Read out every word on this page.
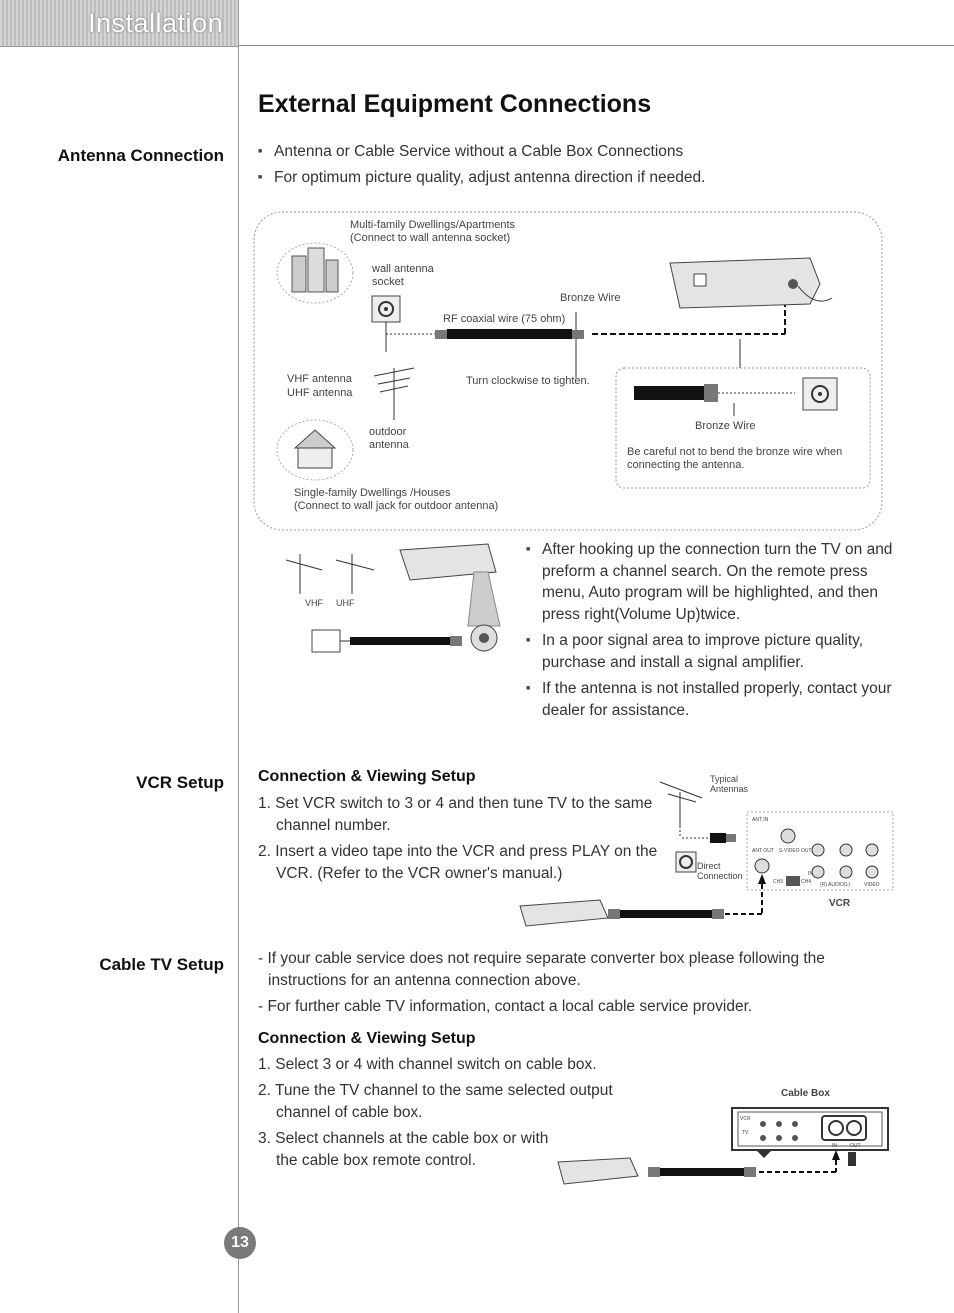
Installation
External Equipment Connections
Antenna Connection
■	Antenna or Cable Service without a Cable Box Connections
■ For optimum picture quality, adjust antenna direction if needed.
Multi-family Dwellings/Apartments
(Connect to wall antenna socket)
wall antenna socket
Bronze Wire
RF coaxial wire (75 ohm)
VHF antenna
UHF antenna
Turn clockwise to tighten.
outdoor antenna
Bronze Wire
Be careful not to bend the bronze wire when connecting the antenna.
Single-family Dwellings /Houses
(Connect to wall jack for outdoor antenna)
VHF UHF
■ After hooking up the connection turn the TV on and preform a channel search. On the remote press menu, Auto program will be highlighted, and then press right(Volume Up)twice.
■ In a poor signal area to improve picture quality, purchase and install a signal amplifier.
■ If the antenna is not installed properly, contact your dealer for assistance.
VCR Setup Connection & Viewing Setup
1. Set VCR switch to 3 or 4 and then tune TV to the same channel number.
2. Insert a video tape into the VCR and press PLAY on the VCR. (Refer to the VCR owner's manual.)
Typical Antennas
Direct Connection
VCR
ANT IN
ANT OUT S-VIDEO OUT
CH3	CH4
IN
(R) AUDIO(L)	VIDEO
Cable TV Setup - If your cable service does not require separate converter box please following the instructions for an antenna connection above.
- For further cable TV information, contact a local cable service provider.
Connection & Viewing Setup
1. Select 3 or 4 with channel switch on cable box.
2. Tune the TV channel to the same selected output channel of cable box.
3. Select channels at the cable box or with the cable box remote control.
Cable Box
TV
VCR
IN	OUT
13
